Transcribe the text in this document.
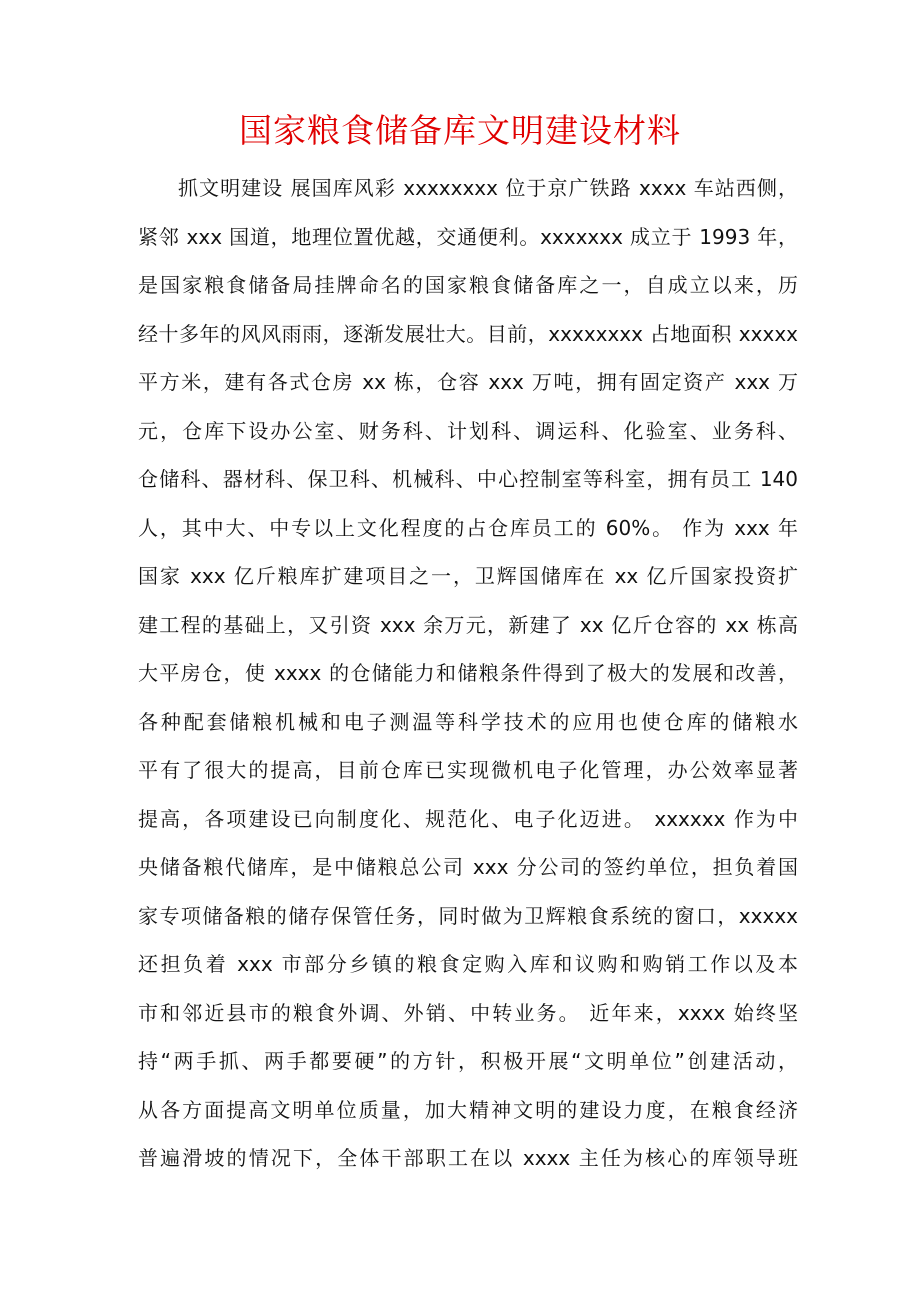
国家粮食储备库文明建设材料
抓文明建设 展国库风彩 xxxxxxxx 位于京广铁路 xxxx 车站西侧，
紧邻 xxx 国道，地理位置优越，交通便利。xxxxxxx 成立于 1993 年，
是国家粮食储备局挂牌命名的国家粮食储备库之一，自成立以来，历
经十多年的风风雨雨，逐渐发展壮大。目前，xxxxxxxx 占地面积 xxxxx
平方米，建有各式仓房 xx 栋，仓容 xxx 万吨，拥有固定资产 xxx 万
元，仓库下设办公室、财务科、计划科、调运科、化验室、业务科、
仓储科、器材科、保卫科、机械科、中心控制室等科室，拥有员工 140
人，其中大、中专以上文化程度的占仓库员工的 60%。 作为 xxx 年
国家 xxx 亿斤粮库扩建项目之一，卫辉国储库在 xx 亿斤国家投资扩
建工程的基础上，又引资 xxx 余万元，新建了 xx 亿斤仓容的 xx 栋高
大平房仓，使 xxxx 的仓储能力和储粮条件得到了极大的发展和改善，
各种配套储粮机械和电子测温等科学技术的应用也使仓库的储粮水
平有了很大的提高，目前仓库已实现微机电子化管理，办公效率显著
提高，各项建设已向制度化、规范化、电子化迈进。 xxxxxx 作为中
央储备粮代储库，是中储粮总公司 xxx 分公司的签约单位，担负着国
家专项储备粮的储存保管任务，同时做为卫辉粮食系统的窗口，xxxxx
还担负着 xxx 市部分乡镇的粮食定购入库和议购和购销工作以及本
市和邻近县市的粮食外调、外销、中转业务。 近年来，xxxx 始终坚
持“两手抓、两手都要硬”的方针，积极开展“文明单位”创建活动，
从各方面提高文明单位质量，加大精神文明的建设力度，在粮食经济
普遍滑坡的情况下，全体干部职工在以 xxxx 主任为核心的库领导班
